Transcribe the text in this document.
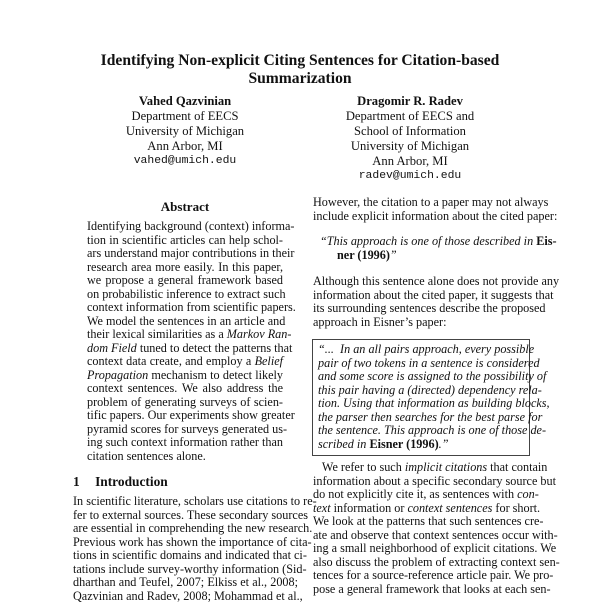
Identifying Non-explicit Citing Sentences for Citation-based
Summarization
Vahed Qazvinian
Department of EECS
University of Michigan
Ann Arbor, MI
vahed@umich.edu
Dragomir R. Radev
Department of EECS and
School of Information
University of Michigan
Ann Arbor, MI
radev@umich.edu
Abstract
Identifying background (context) informa-
tion in scientific articles can help schol-
ars understand major contributions in their
research area more easily. In this paper,
we propose a general framework based
on probabilistic inference to extract such
context information from scientific papers.
We model the sentences in an article and
their lexical similarities as a Markov Ran-
dom Field tuned to detect the patterns that
context data create, and employ a Belief
Propagation mechanism to detect likely
context sentences. We also address the
problem of generating surveys of scien-
tific papers. Our experiments show greater
pyramid scores for surveys generated us-
ing such context information rather than
citation sentences alone.
1 Introduction
In scientific literature, scholars use citations to re-
fer to external sources. These secondary sources
are essential in comprehending the new research.
Previous work has shown the importance of cita-
tions in scientific domains and indicated that ci-
tations include survey-worthy information (Sid-
dharthan and Teufel, 2007; Elkiss et al., 2008;
Qazvinian and Radev, 2008; Mohammad et al.,
However, the citation to a paper may not always
include explicit information about the cited paper:
“This approach is one of those described in Eis-
ner (1996)”
Although this sentence alone does not provide any
information about the cited paper, it suggests that
its surrounding sentences describe the proposed
approach in Eisner’s paper:
“...  In an all pairs approach, every possible
pair of two tokens in a sentence is considered
and some score is assigned to the possibility of
this pair having a (directed) dependency rela-
tion. Using that information as building blocks,
the parser then searches for the best parse for
the sentence. This approach is one of those de-
scribed in Eisner (1996).”
We refer to such implicit citations that contain
information about a specific secondary source but
do not explicitly cite it, as sentences with con-
text information or context sentences for short.
We look at the patterns that such sentences cre-
ate and observe that context sentences occur with-
ing a small neighborhood of explicit citations. We
also discuss the problem of extracting context sen-
tences for a source-reference article pair. We pro-
pose a general framework that looks at each sen-
